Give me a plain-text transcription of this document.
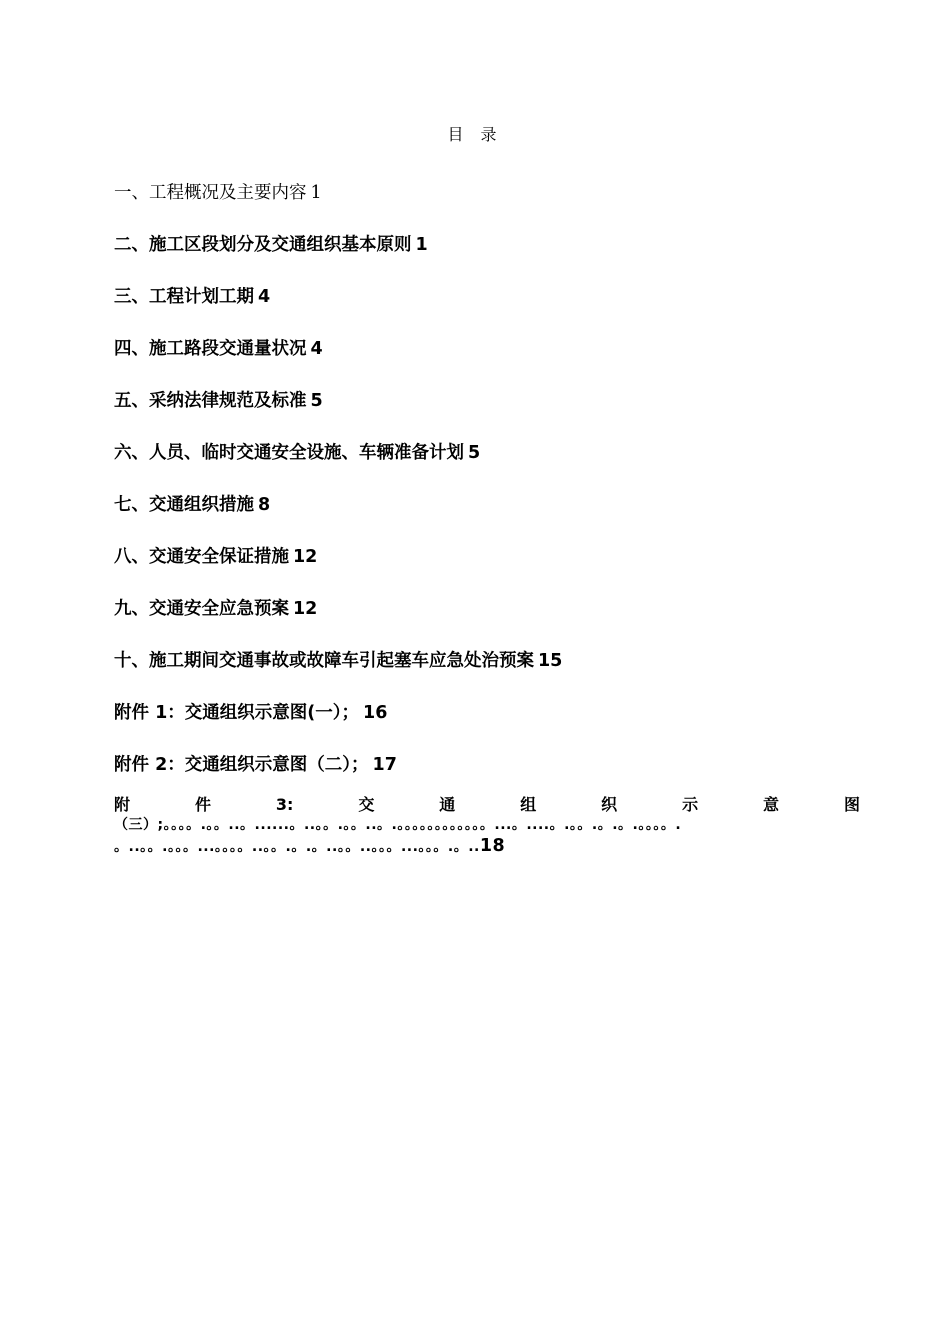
目 录
一、工程概况及主要内容 1
二、施工区段划分及交通组织基本原则 1
三、工程计划工期 4
四、施工路段交通量状况 4
五、采纳法律规范及标准 5
六、人员、临时交通安全设施、车辆准备计划 5
七、交通组织措施 8
八、交通安全保证措施 12
九、交通安全应急预案 12
十、施工期间交通事故或故障车引起塞车应急处治预案 15
附件 1：交通组织示意图(一）； 16
附件 2：交通组织示意图（二）； 17
附	件	3:	交	通	组	织	示	意	图
（三）;。。。。.。。..。......。..。。.。。..。.。。。。。。。。。。。。...。....。.。。.。.。.。。。。.
。..。。.。。。...。。。。..。。.。.。..。。..。。。...。。。.。..18
